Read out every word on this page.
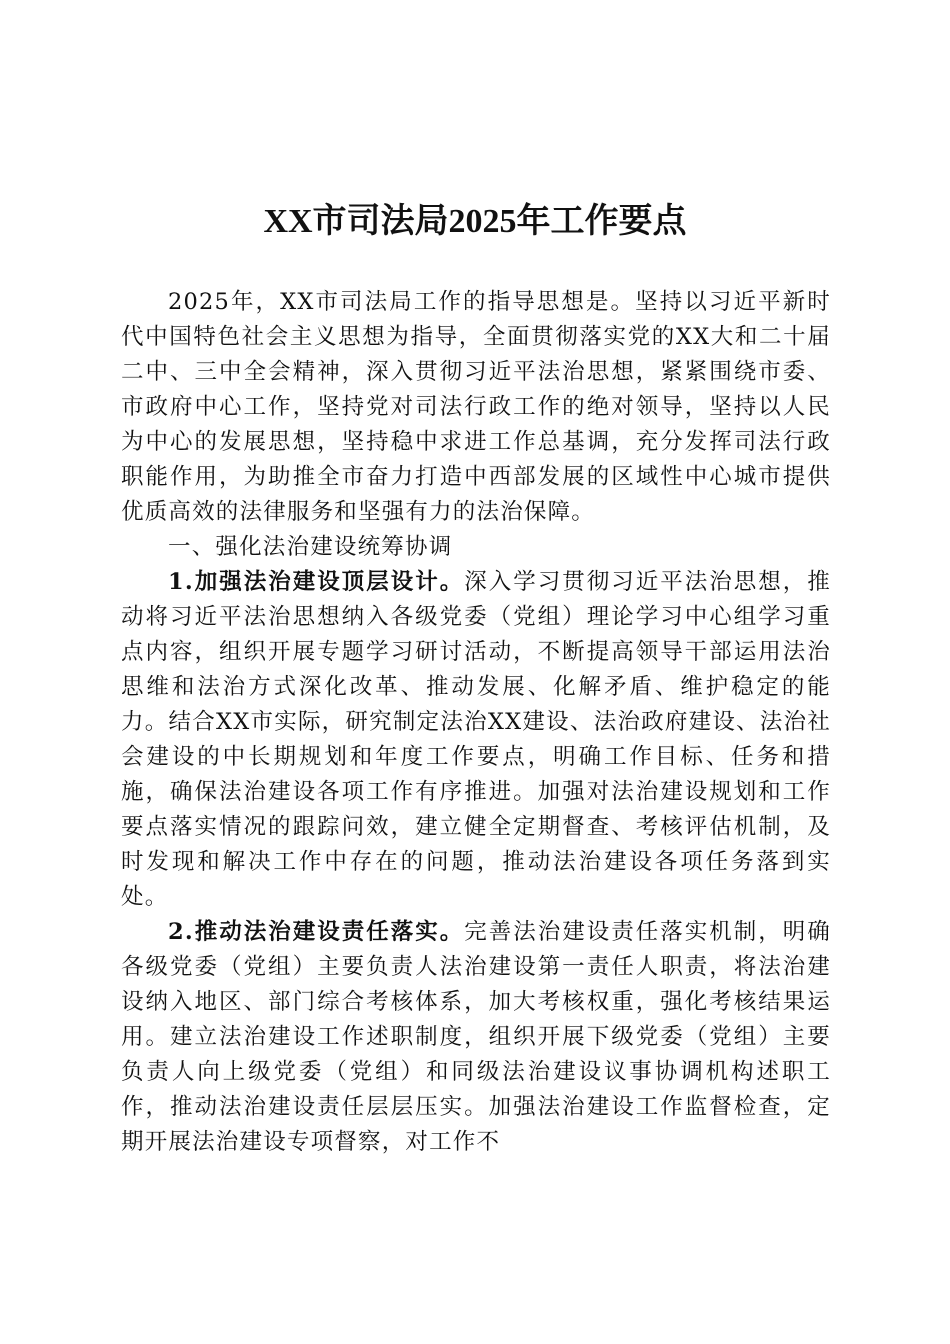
XX市司法局2025年工作要点

2025年，XX市司法局工作的指导思想是。坚持以习近平新时代中国特色社会主义思想为指导，全面贯彻落实党的XX大和二十届二中、三中全会精神，深入贯彻习近平法治思想，紧紧围绕市委、市政府中心工作，坚持党对司法行政工作的绝对领导，坚持以人民为中心的发展思想，坚持稳中求进工作总基调，充分发挥司法行政职能作用，为助推全市奋力打造中西部发展的区域性中心城市提供优质高效的法律服务和坚强有力的法治保障。

一、强化法治建设统筹协调

1.加强法治建设顶层设计。深入学习贯彻习近平法治思想，推动将习近平法治思想纳入各级党委（党组）理论学习中心组学习重点内容，组织开展专题学习研讨活动，不断提高领导干部运用法治思维和法治方式深化改革、推动发展、化解矛盾、维护稳定的能力。结合XX市实际，研究制定法治XX建设、法治政府建设、法治社会建设的中长期规划和年度工作要点，明确工作目标、任务和措施，确保法治建设各项工作有序推进。加强对法治建设规划和工作要点落实情况的跟踪问效，建立健全定期督查、考核评估机制，及时发现和解决工作中存在的问题，推动法治建设各项任务落到实处。

2.推动法治建设责任落实。完善法治建设责任落实机制，明确各级党委（党组）主要负责人法治建设第一责任人职责，将法治建设纳入地区、部门综合考核体系，加大考核权重，强化考核结果运用。建立法治建设工作述职制度，组织开展下级党委（党组）主要负责人向上级党委（党组）和同级法治建设议事协调机构述职工作，推动法治建设责任层层压实。加强法治建设工作监督检查，定期开展法治建设专项督察，对工作不
